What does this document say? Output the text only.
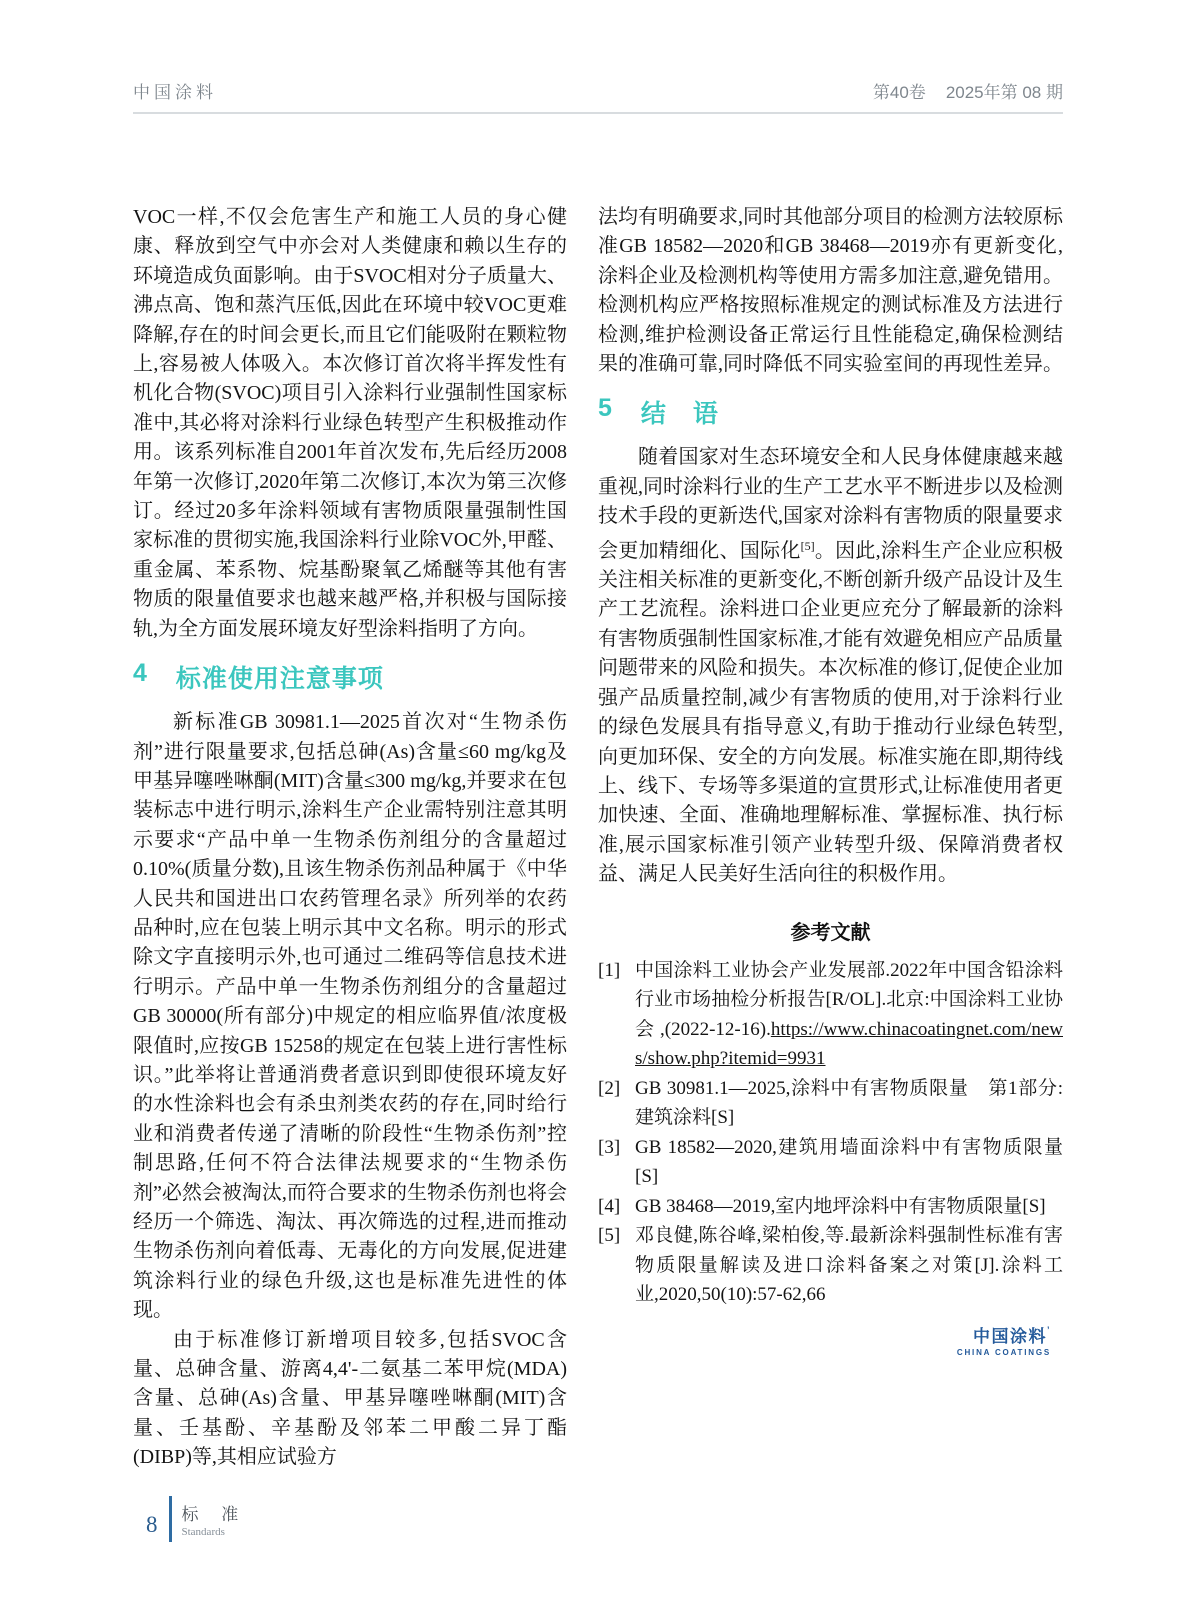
中国涂料	第40卷 2025年第 08 期

VOC一样,不仅会危害生产和施工人员的身心健康、释放到空气中亦会对人类健康和赖以生存的环境造成负面影响。由于SVOC相对分子质量大、沸点高、饱和蒸汽压低,因此在环境中较VOC更难降解,存在的时间会更长,而且它们能吸附在颗粒物上,容易被人体吸入。本次修订首次将半挥发性有机化合物(SVOC)项目引入涂料行业强制性国家标准中,其必将对涂料行业绿色转型产生积极推动作用。该系列标准自2001年首次发布,先后经历2008年第一次修订,2020年第二次修订,本次为第三次修订。经过20多年涂料领域有害物质限量强制性国家标准的贯彻实施,我国涂料行业除VOC外,甲醛、重金属、苯系物、烷基酚聚氧乙烯醚等其他有害物质的限量值要求也越来越严格,并积极与国际接轨,为全方面发展环境友好型涂料指明了方向。

4 标准使用注意事项

新标准GB 30981.1—2025首次对“生物杀伤剂”进行限量要求,包括总砷(As)含量≤60 mg/kg及甲基异噻唑啉酮(MIT)含量≤300 mg/kg,并要求在包装标志中进行明示,涂料生产企业需特别注意其明示要求“产品中单一生物杀伤剂组分的含量超过0.10%(质量分数),且该生物杀伤剂品种属于《中华人民共和国进出口农药管理名录》所列举的农药品种时,应在包装上明示其中文名称。明示的形式除文字直接明示外,也可通过二维码等信息技术进行明示。产品中单一生物杀伤剂组分的含量超过GB 30000(所有部分)中规定的相应临界值/浓度极限值时,应按GB 15258的规定在包装上进行害性标识。”此举将让普通消费者意识到即使很环境友好的水性涂料也会有杀虫剂类农药的存在,同时给行业和消费者传递了清晰的阶段性“生物杀伤剂”控制思路,任何不符合法律法规要求的“生物杀伤剂”必然会被淘汰,而符合要求的生物杀伤剂也将会经历一个筛选、淘汰、再次筛选的过程,进而推动生物杀伤剂向着低毒、无毒化的方向发展,促进建筑涂料行业的绿色升级,这也是标准先进性的体现。

由于标准修订新增项目较多,包括SVOC含量、总砷含量、游离4,4'-二氨基二苯甲烷(MDA)含量、总砷(As)含量、甲基异噻唑啉酮(MIT)含量、壬基酚、辛基酚及邻苯二甲酸二异丁酯(DIBP)等,其相应试验方

法均有明确要求,同时其他部分项目的检测方法较原标准GB 18582—2020和GB 38468—2019亦有更新变化,涂料企业及检测机构等使用方需多加注意,避免错用。检测机构应严格按照标准规定的测试标准及方法进行检测,维护检测设备正常运行且性能稳定,确保检测结果的准确可靠,同时降低不同实验室间的再现性差异。

5 结　语

随着国家对生态环境安全和人民身体健康越来越重视,同时涂料行业的生产工艺水平不断进步以及检测技术手段的更新迭代,国家对涂料有害物质的限量要求会更加精细化、国际化[5]。因此,涂料生产企业应积极关注相关标准的更新变化,不断创新升级产品设计及生产工艺流程。涂料进口企业更应充分了解最新的涂料有害物质强制性国家标准,才能有效避免相应产品质量问题带来的风险和损失。本次标准的修订,促使企业加强产品质量控制,减少有害物质的使用,对于涂料行业的绿色发展具有指导意义,有助于推动行业绿色转型,向更加环保、安全的方向发展。标准实施在即,期待线上、线下、专场等多渠道的宣贯形式,让标准使用者更加快速、全面、准确地理解标准、掌握标准、执行标准,展示国家标准引领产业转型升级、保障消费者权益、满足人民美好生活向往的积极作用。

参考文献
[1] 中国涂料工业协会产业发展部.2022年中国含铅涂料行业市场抽检分析报告[R/OL].北京:中国涂料工业协会,(2022-12-16).https://www.chinacoatingnet.com/news/show.php?itemid=9931
[2] GB 30981.1—2025,涂料中有害物质限量　第1部分: 建筑涂料[S]
[3] GB 18582—2020,建筑用墙面涂料中有害物质限量[S]
[4] GB 38468—2019,室内地坪涂料中有害物质限量[S]
[5] 邓良健,陈谷峰,梁柏俊,等.最新涂料强制性标准有害物质限量解读及进口涂料备案之对策[J].涂料工业,2020,50(10):57-62,66
中国涂料’
CHINA COATINGS
8 标 准
Standards
